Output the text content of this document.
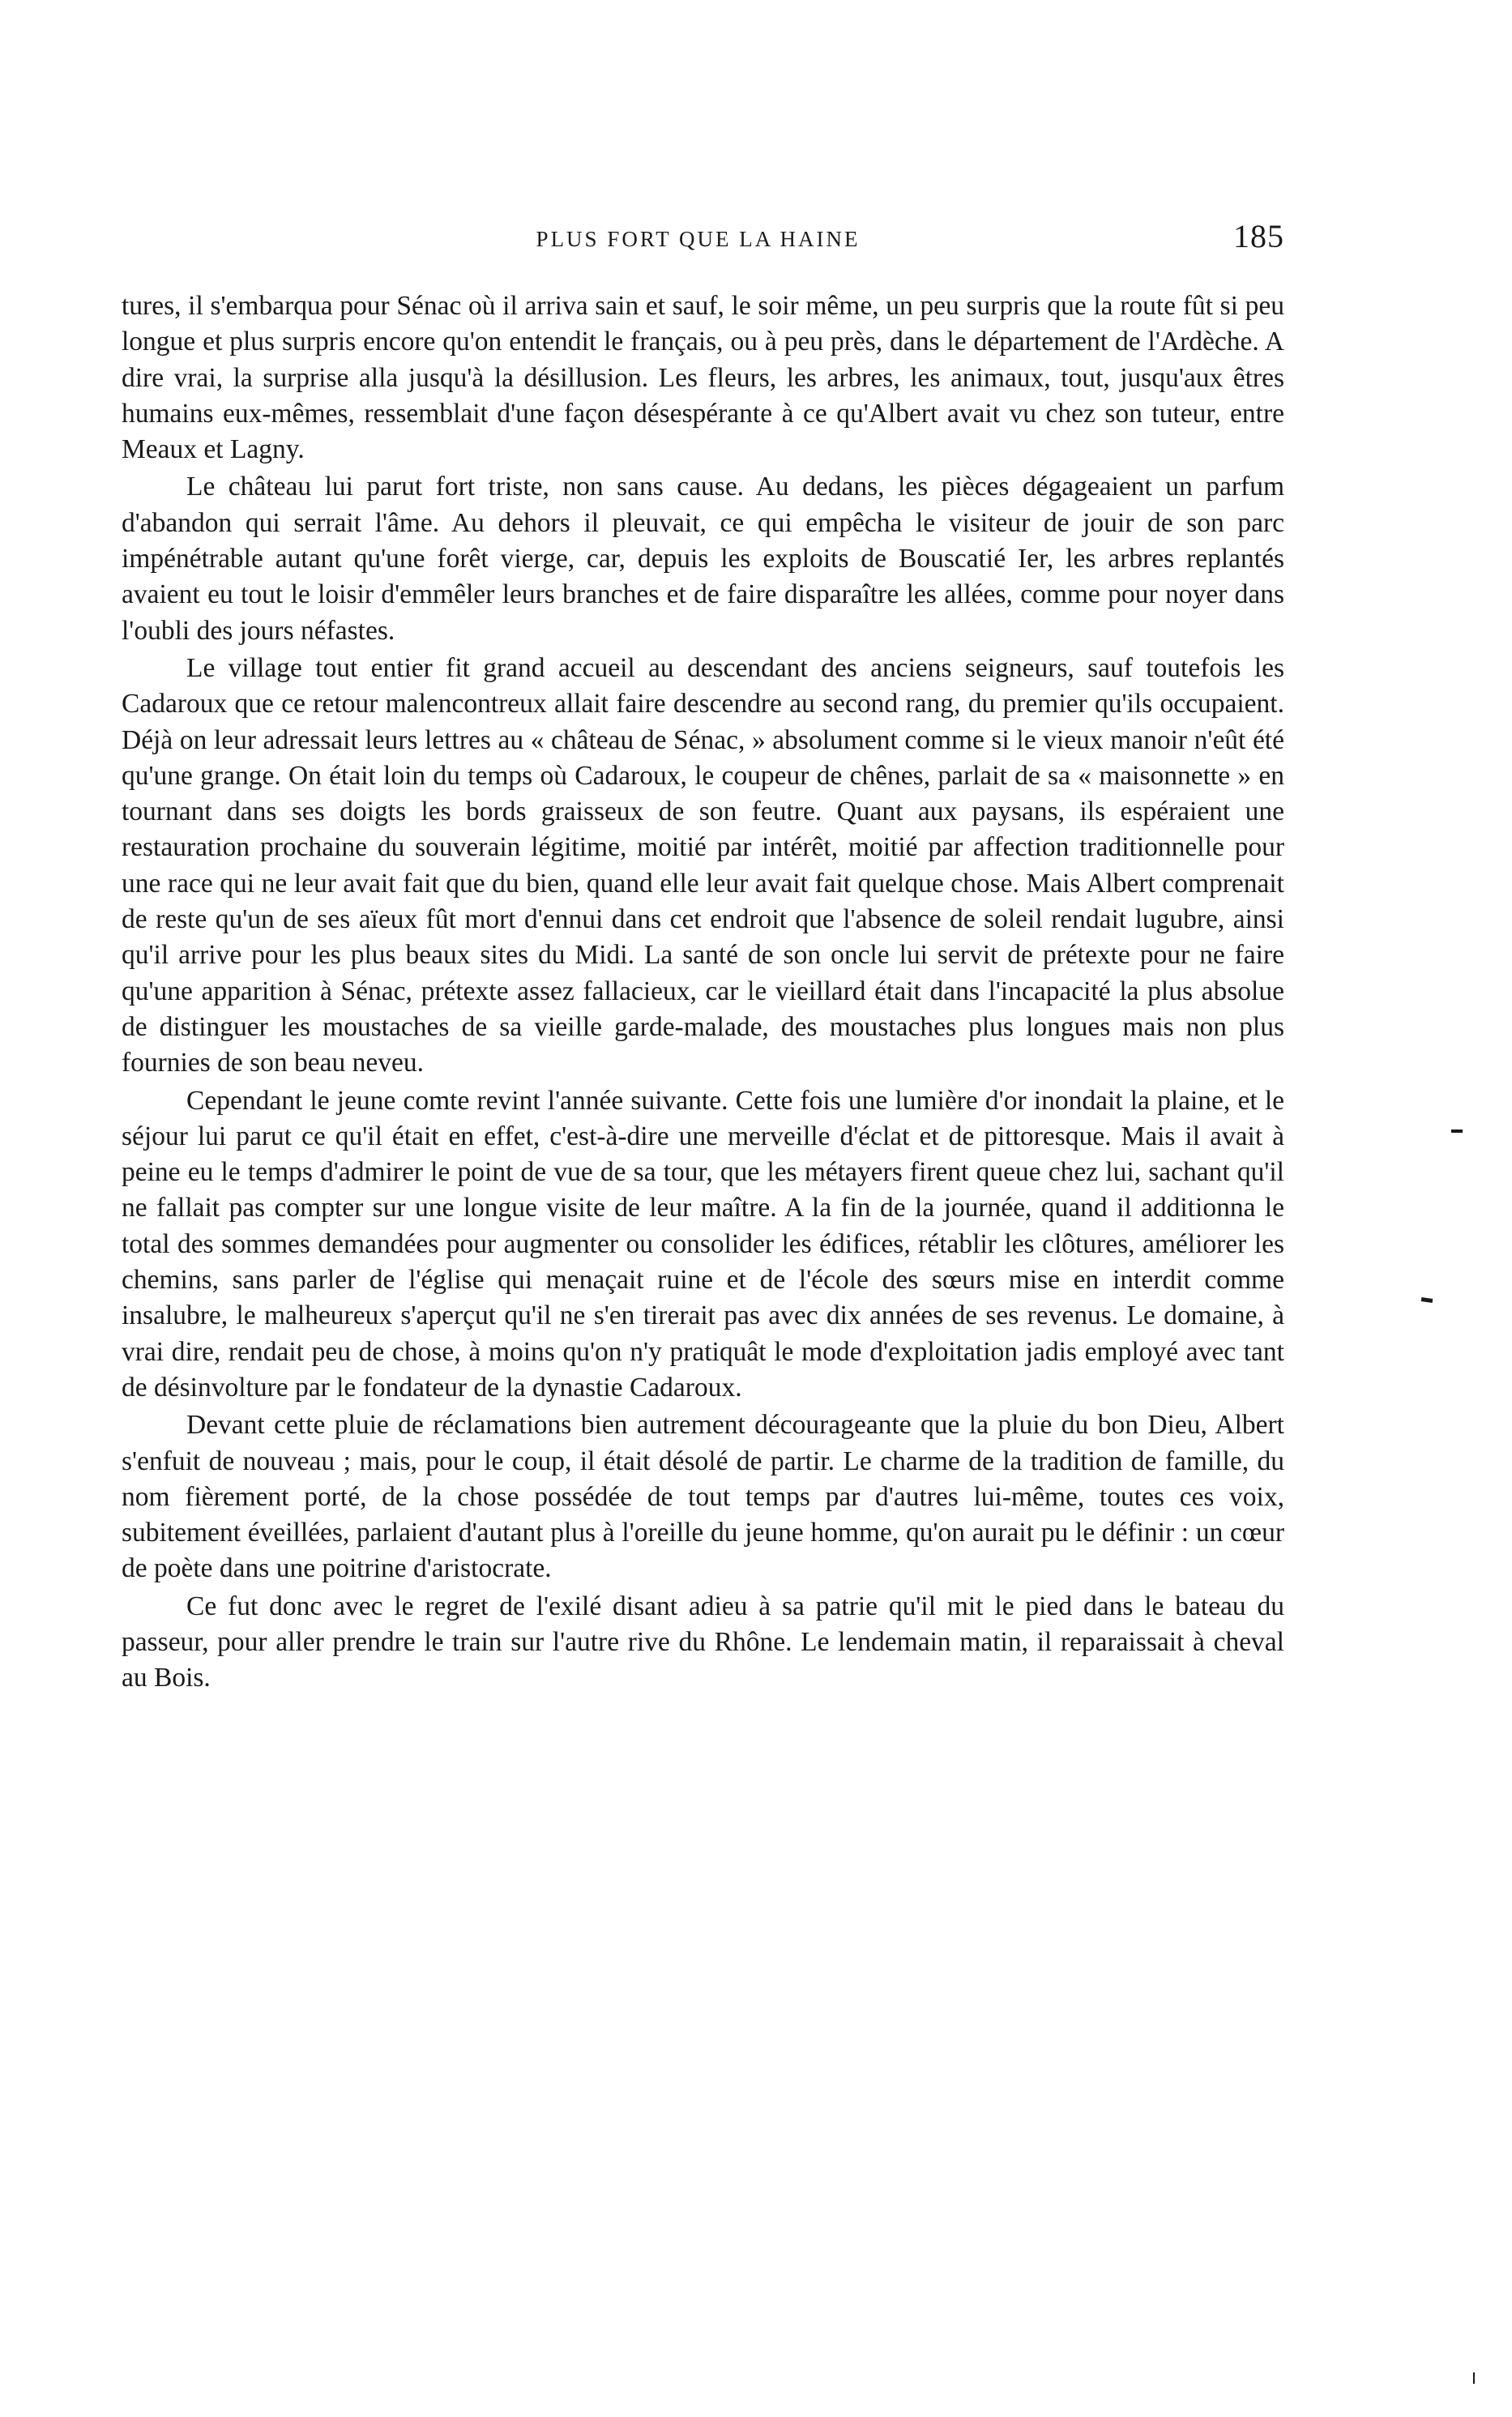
PLUS FORT QUE LA HAINE	185

tures, il s'embarqua pour Sénac où il arriva sain et sauf, le soir même, un peu surpris que la route fût si peu longue et plus surpris encore qu'on entendit le français, ou à peu près, dans le département de l'Ardèche. A dire vrai, la surprise alla jusqu'à la désillusion. Les fleurs, les arbres, les animaux, tout, jusqu'aux êtres humains eux-mêmes, ressemblait d'une façon désespérante à ce qu'Albert avait vu chez son tuteur, entre Meaux et Lagny.

Le château lui parut fort triste, non sans cause. Au dedans, les pièces dégageaient un parfum d'abandon qui serrait l'âme. Au dehors il pleuvait, ce qui empêcha le visiteur de jouir de son parc impénétrable autant qu'une forêt vierge, car, depuis les exploits de Bouscatié Ier, les arbres replantés avaient eu tout le loisir d'emmêler leurs branches et de faire disparaître les allées, comme pour noyer dans l'oubli des jours néfastes.

Le village tout entier fit grand accueil au descendant des anciens seigneurs, sauf toutefois les Cadaroux que ce retour malencontreux allait faire descendre au second rang, du premier qu'ils occupaient. Déjà on leur adressait leurs lettres au « château de Sénac, » absolument comme si le vieux manoir n'eût été qu'une grange. On était loin du temps où Cadaroux, le coupeur de chênes, parlait de sa « maisonnette » en tournant dans ses doigts les bords graisseux de son feutre. Quant aux paysans, ils espéraient une restauration prochaine du souverain légitime, moitié par intérêt, moitié par affection traditionnelle pour une race qui ne leur avait fait que du bien, quand elle leur avait fait quelque chose. Mais Albert comprenait de reste qu'un de ses aïeux fût mort d'ennui dans cet endroit que l'absence de soleil rendait lugubre, ainsi qu'il arrive pour les plus beaux sites du Midi. La santé de son oncle lui servit de prétexte pour ne faire qu'une apparition à Sénac, prétexte assez fallacieux, car le vieillard était dans l'incapacité la plus absolue de distinguer les moustaches de sa vieille garde-malade, des moustaches plus longues mais non plus fournies de son beau neveu.

Cependant le jeune comte revint l'année suivante. Cette fois une lumière d'or inondait la plaine, et le séjour lui parut ce qu'il était en effet, c'est-à-dire une merveille d'éclat et de pittoresque. Mais il avait à peine eu le temps d'admirer le point de vue de sa tour, que les métayers firent queue chez lui, sachant qu'il ne fallait pas compter sur une longue visite de leur maître. A la fin de la journée, quand il additionna le total des sommes demandées pour augmenter ou consolider les édifices, rétablir les clôtures, améliorer les chemins, sans parler de l'église qui menaçait ruine et de l'école des sœurs mise en interdit comme insalubre, le malheureux s'aperçut qu'il ne s'en tirerait pas avec dix années de ses revenus. Le domaine, à vrai dire, rendait peu de chose, à moins qu'on n'y pratiquât le mode d'exploitation jadis employé avec tant de désinvolture par le fondateur de la dynastie Cadaroux.

Devant cette pluie de réclamations bien autrement décourageante que la pluie du bon Dieu, Albert s'enfuit de nouveau ; mais, pour le coup, il était désolé de partir. Le charme de la tradition de famille, du nom fièrement porté, de la chose possédée de tout temps par d'autres lui-même, toutes ces voix, subitement éveillées, parlaient d'autant plus à l'oreille du jeune homme, qu'on aurait pu le définir : un cœur de poète dans une poitrine d'aristocrate.

Ce fut donc avec le regret de l'exilé disant adieu à sa patrie qu'il mit le pied dans le bateau du passeur, pour aller prendre le train sur l'autre rive du Rhône. Le lendemain matin, il reparaissait à cheval au Bois.
